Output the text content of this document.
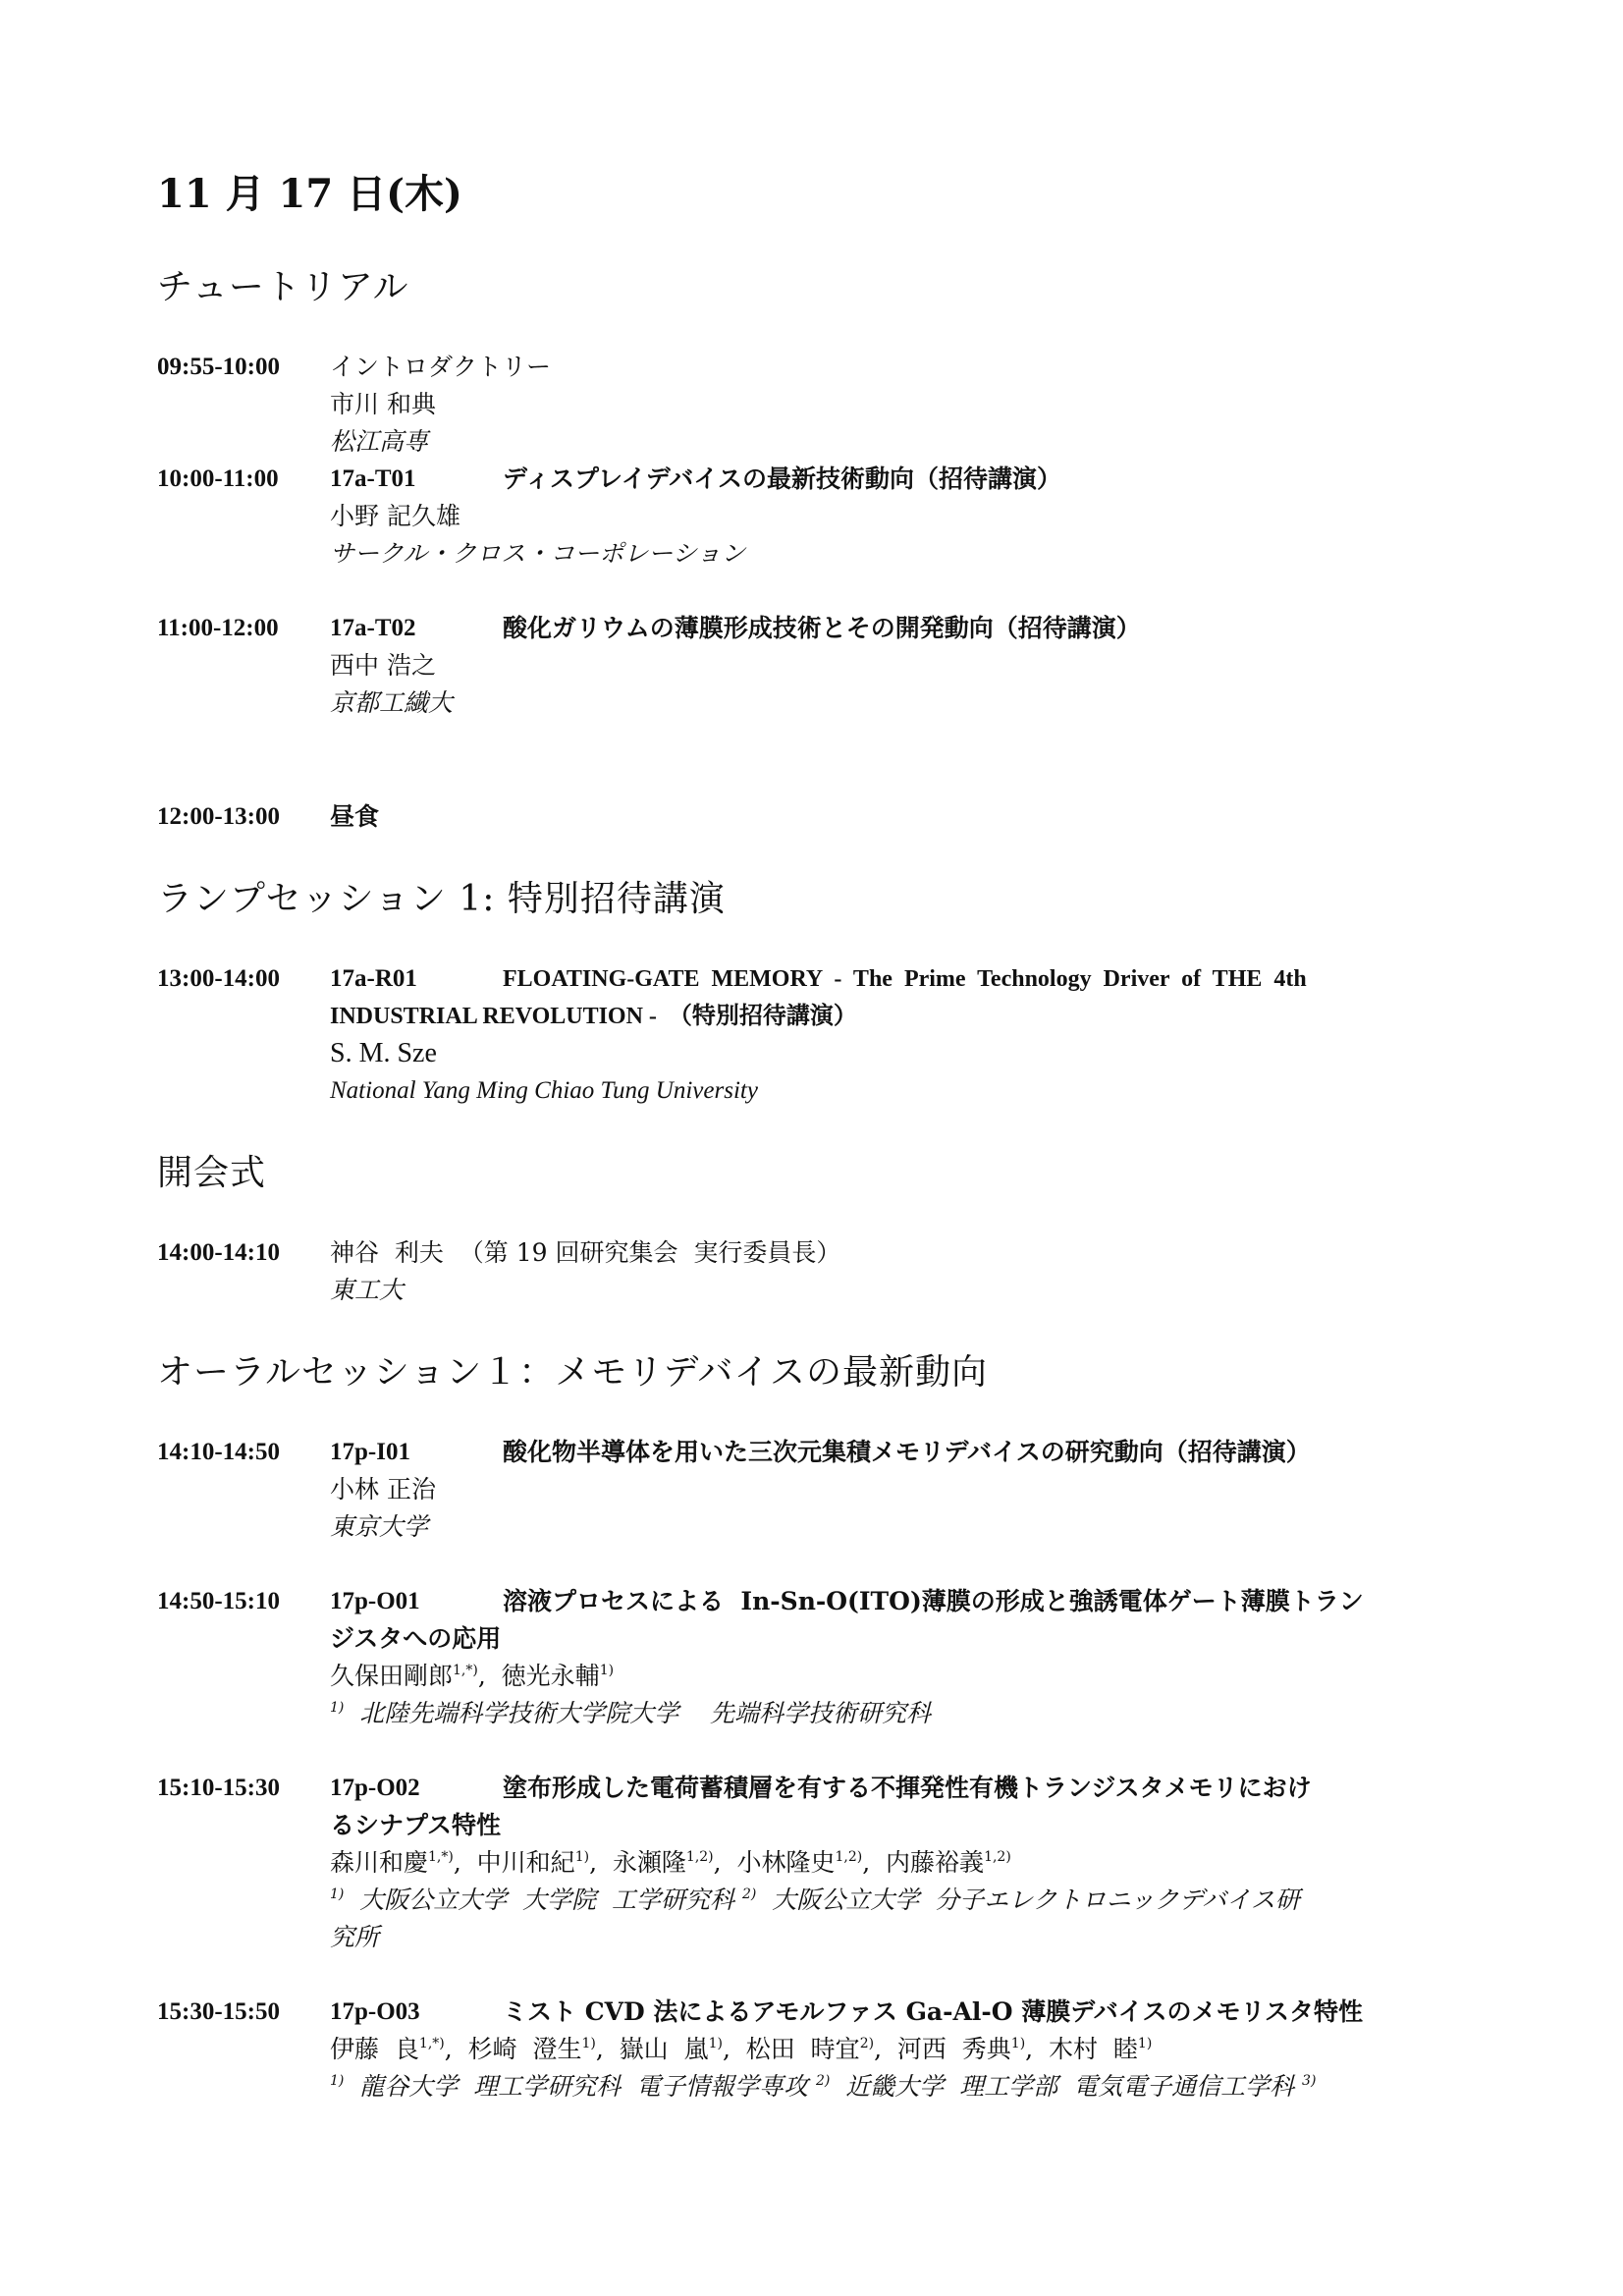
11 月 17 日(木)
チュートリアル
09:55-10:00	イントロダクトリー
市川 和典
松江高専
10:00-11:00	17a-T01	ディスプレイデバイスの最新技術動向（招待講演）
小野 記久雄
サークル・クロス・コーポレーション
11:00-12:00	17a-T02	酸化ガリウムの薄膜形成技術とその開発動向（招待講演）
西中 浩之
京都工繊大
12:00-13:00	昼食
ランプセッション 1: 特別招待講演
13:00-14:00	17a-R01	FLOATING-GATE  MEMORY  -  The  Prime  Technology  Driver  of  THE  4th
INDUSTRIAL REVOLUTION -  （特別招待講演）
S. M. Sze
National Yang Ming Chiao Tung University
開会式
14:00-14:10	神谷  利夫  （第 19 回研究集会  実行委員長）
東工大
オーラルセッション１：メモリデバイスの最新動向
14:10-14:50	17p-I01	酸化物半導体を用いた三次元集積メモリデバイスの研究動向（招待講演）
小林 正治
東京大学
14:50-15:10	17p-O01	溶液プロセスによる  In-Sn-O(ITO)薄膜の形成と強誘電体ゲート薄膜トラン
ジスタへの応用
久保田剛郎$^{1,*)}$,  徳光永輔$^{1)}$
$^{1)}$  北陸先端科学技術大学院大学    先端科学技術研究科
15:10-15:30	17p-O02	塗布形成した電荷蓄積層を有する不揮発性有機トランジスタメモリにおけ
るシナプス特性
森川和慶$^{1,*)}$,  中川和紀$^{1)}$,  永瀬隆$^{1,2)}$,  小林隆史$^{1,2)}$,  内藤裕義$^{1,2)}$
$^{1)}$  大阪公立大学  大学院  工学研究科 $^{2)}$  大阪公立大学  分子エレクトロニックデバイス研
究所
15:30-15:50	17p-O03	ミスト CVD 法によるアモルファス Ga-Al-O 薄膜デバイスのメモリスタ特性
伊藤  良$^{1,*)}$,  杉崎  澄生$^{1)}$,  嶽山  嵐$^{1)}$,  松田  時宜$^{2)}$,  河西  秀典$^{1)}$,  木村  睦$^{1)}$
$^{1)}$  龍谷大学  理工学研究科  電子情報学専攻 $^{2)}$  近畿大学  理工学部  電気電子通信工学科 $^{3)}$
